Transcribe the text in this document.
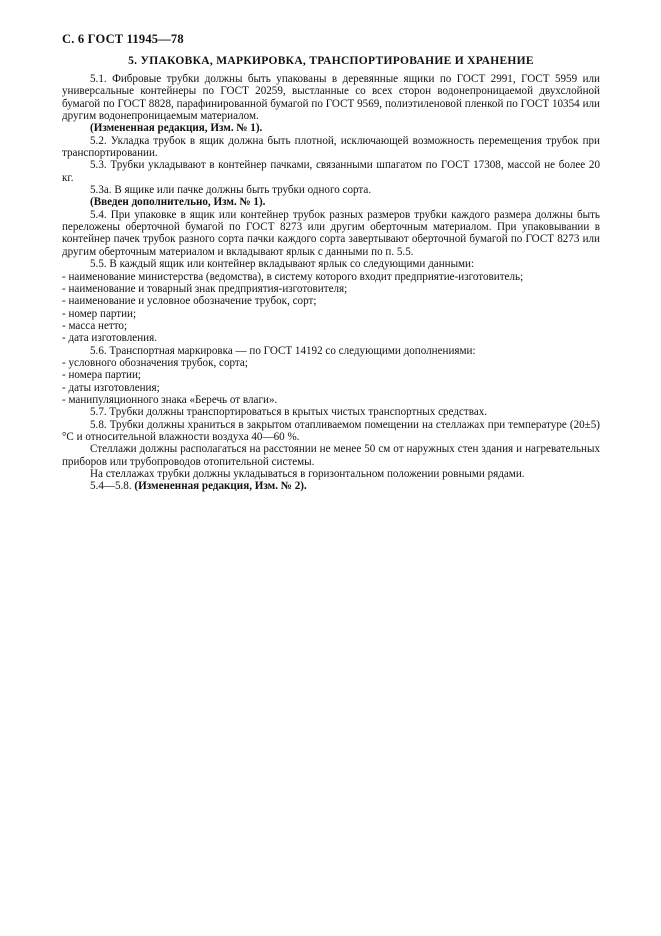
С. 6 ГОСТ 11945—78
5. УПАКОВКА, МАРКИРОВКА, ТРАНСПОРТИРОВАНИЕ И ХРАНЕНИЕ

5.1. Фибровые трубки должны быть упакованы в деревянные ящики по ГОСТ 2991, ГОСТ 5959 или универсальные контейнеры по ГОСТ 20259, выстланные со всех сторон водонепроницаемой двухслойной бумагой по ГОСТ 8828, парафинированной бумагой по ГОСТ 9569, полиэтиленовой пленкой по ГОСТ 10354 или другим водонепроницаемым материалом.

(Измененная редакция, Изм. № 1).

5.2. Укладка трубок в ящик должна быть плотной, исключающей возможность перемещения трубок при транспортировании.

5.3. Трубки укладывают в контейнер пачками, связанными шпагатом по ГОСТ 17308, массой не более 20 кг.

5.3а. В ящике или пачке должны быть трубки одного сорта.

(Введен дополнительно, Изм. № 1).

5.4. При упаковке в ящик или контейнер трубок разных размеров трубки каждого размера должны быть переложены оберточной бумагой по ГОСТ 8273 или другим оберточным материалом. При упаковывании в контейнер пачек трубок разного сорта пачки каждого сорта завертывают оберточной бумагой по ГОСТ 8273 или другим оберточным материалом и вкладывают ярлык с данными по п. 5.5.

5.5. В каждый ящик или контейнер вкладывают ярлык со следующими данными:

- наименование министерства (ведомства), в систему которого входит предприятие-изготовитель;

- наименование и товарный знак предприятия-изготовителя;

- наименование и условное обозначение трубок, сорт;

- номер партии;

- масса нетто;

- дата изготовления.

5.6. Транспортная маркировка — по ГОСТ 14192 со следующими дополнениями:

- условного обозначения трубок, сорта;

- номера партии;

- даты изготовления;

- манипуляционного знака «Беречь от влаги».

5.7. Трубки должны транспортироваться в крытых чистых транспортных средствах.

5.8. Трубки должны храниться в закрытом отапливаемом помещении на стеллажах при температуре (20±5) °С и относительной влажности воздуха 40—60 %.

Стеллажи должны располагаться на расстоянии не менее 50 см от наружных стен здания и нагревательных приборов или трубопроводов отопительной системы.

На стеллажах трубки должны укладываться в горизонтальном положении ровными рядами.

5.4—5.8. (Измененная редакция, Изм. № 2).
